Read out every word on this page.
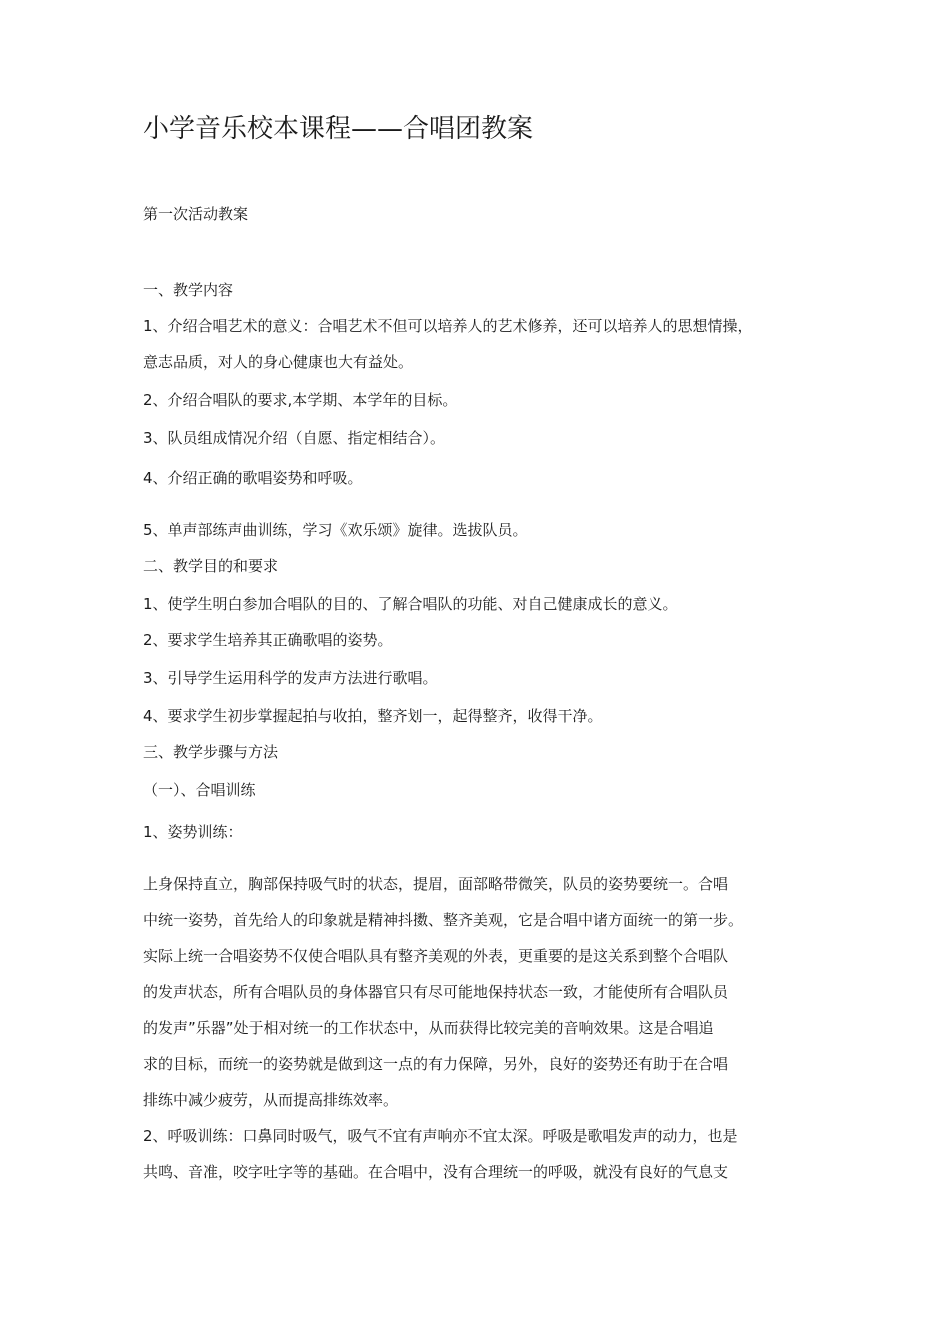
小学音乐校本课程——合唱团教案
第一次活动教案
一、教学内容
1、介绍合唱艺术的意义：合唱艺术不但可以培养人的艺术修养，还可以培养人的思想情操，
意志品质，对人的身心健康也大有益处。
2、介绍合唱队的要求,本学期、本学年的目标。
3、队员组成情况介绍（自愿、指定相结合）。
4、介绍正确的歌唱姿势和呼吸。
5、单声部练声曲训练，学习《欢乐颂》旋律。选拔队员。
二、教学目的和要求
1、使学生明白参加合唱队的目的、了解合唱队的功能、对自己健康成长的意义。
2、要求学生培养其正确歌唱的姿势。
3、引导学生运用科学的发声方法进行歌唱。
4、要求学生初步掌握起拍与收拍，整齐划一，起得整齐，收得干净。
三、教学步骤与方法
（一）、合唱训练
1、姿势训练：
上身保持直立，胸部保持吸气时的状态，提眉，面部略带微笑，队员的姿势要统一。合唱
中统一姿势，首先给人的印象就是精神抖擞、整齐美观，它是合唱中诸方面统一的第一步。
实际上统一合唱姿势不仅使合唱队具有整齐美观的外表，更重要的是这关系到整个合唱队
的发声状态，所有合唱队员的身体器官只有尽可能地保持状态一致，才能使所有合唱队员
的发声”乐器”处于相对统一的工作状态中，从而获得比较完美的音响效果。这是合唱追
求的目标，而统一的姿势就是做到这一点的有力保障，另外，良好的姿势还有助于在合唱
排练中减少疲劳，从而提高排练效率。
2、呼吸训练：口鼻同时吸气，吸气不宜有声响亦不宜太深。呼吸是歌唱发声的动力，也是
共鸣、音准，咬字吐字等的基础。在合唱中，没有合理统一的呼吸，就没有良好的气息支
